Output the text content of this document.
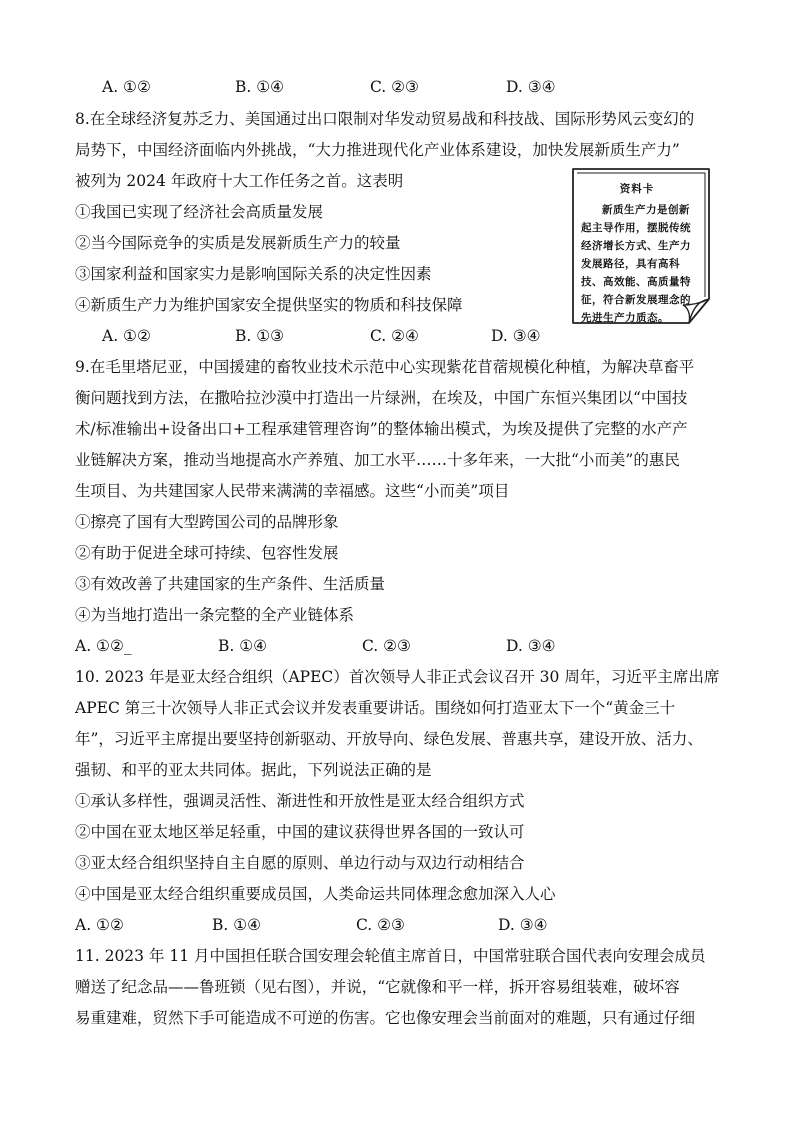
A. ①②	B. ①④	C. ②③	D. ③④
8.在全球经济复苏乏力、美国通过出口限制对华发动贸易战和科技战、国际形势风云变幻的
局势下，中国经济面临内外挑战，“大力推进现代化产业体系建设，加快发展新质生产力”
被列为 2024 年政府十大工作任务之首。这表明
①我国已实现了经济社会高质量发展
②当今国际竞争的实质是发展新质生产力的较量
③国家利益和国家实力是影响国际关系的决定性因素
④新质生产力为维护国家安全提供坚实的物质和科技保障
A. ①②	B. ①③	C. ②④	D. ③④
资料卡
新质生产力是创新起主导作用，摆脱传统经济增长方式、生产力发展路径，具有高科技、高效能、高质量特征，符合新发展理念的先进生产力质态。
9.在毛里塔尼亚，中国援建的畜牧业技术示范中心实现紫花苜蓿规模化种植，为解决草畜平
衡问题找到方法，在撒哈拉沙漠中打造出一片绿洲，在埃及，中国广东恒兴集团以“中国技
术/标准输出+设备出口+工程承建管理咨询”的整体输出模式，为埃及提供了完整的水产产
业链解决方案，推动当地提高水产养殖、加工水平……十多年来，一大批“小而美”的惠民
生项目、为共建国家人民带来满满的幸福感。这些“小而美”项目
①擦亮了国有大型跨国公司的品牌形象
②有助于促进全球可持续、包容性发展
③有效改善了共建国家的生产条件、生活质量
④为当地打造出一条完整的全产业链体系
A. ①②_	B. ①④	C. ②③	D. ③④
10. 2023 年是亚太经合组织（APEC）首次领导人非正式会议召开 30 周年，习近平主席出席
APEC 第三十次领导人非正式会议并发表重要讲话。围绕如何打造亚太下一个“黄金三十
年”，习近平主席提出要坚持创新驱动、开放导向、绿色发展、普惠共享，建设开放、活力、
强韧、和平的亚太共同体。据此，下列说法正确的是
①承认多样性，强调灵活性、渐进性和开放性是亚太经合组织方式
②中国在亚太地区举足轻重，中国的建议获得世界各国的一致认可
③亚太经合组织坚持自主自愿的原则、单边行动与双边行动相结合
④中国是亚太经合组织重要成员国，人类命运共同体理念愈加深入人心
A. ①②	B. ①④	C. ②③	D. ③④
11. 2023 年 11 月中国担任联合国安理会轮值主席首日，中国常驻联合国代表向安理会成员
赠送了纪念品——鲁班锁（见右图），并说，“它就像和平一样，拆开容易组装难，破坏容
易重建难，贸然下手可能造成不可逆的伤害。它也像安理会当前面对的难题，只有通过仔细
